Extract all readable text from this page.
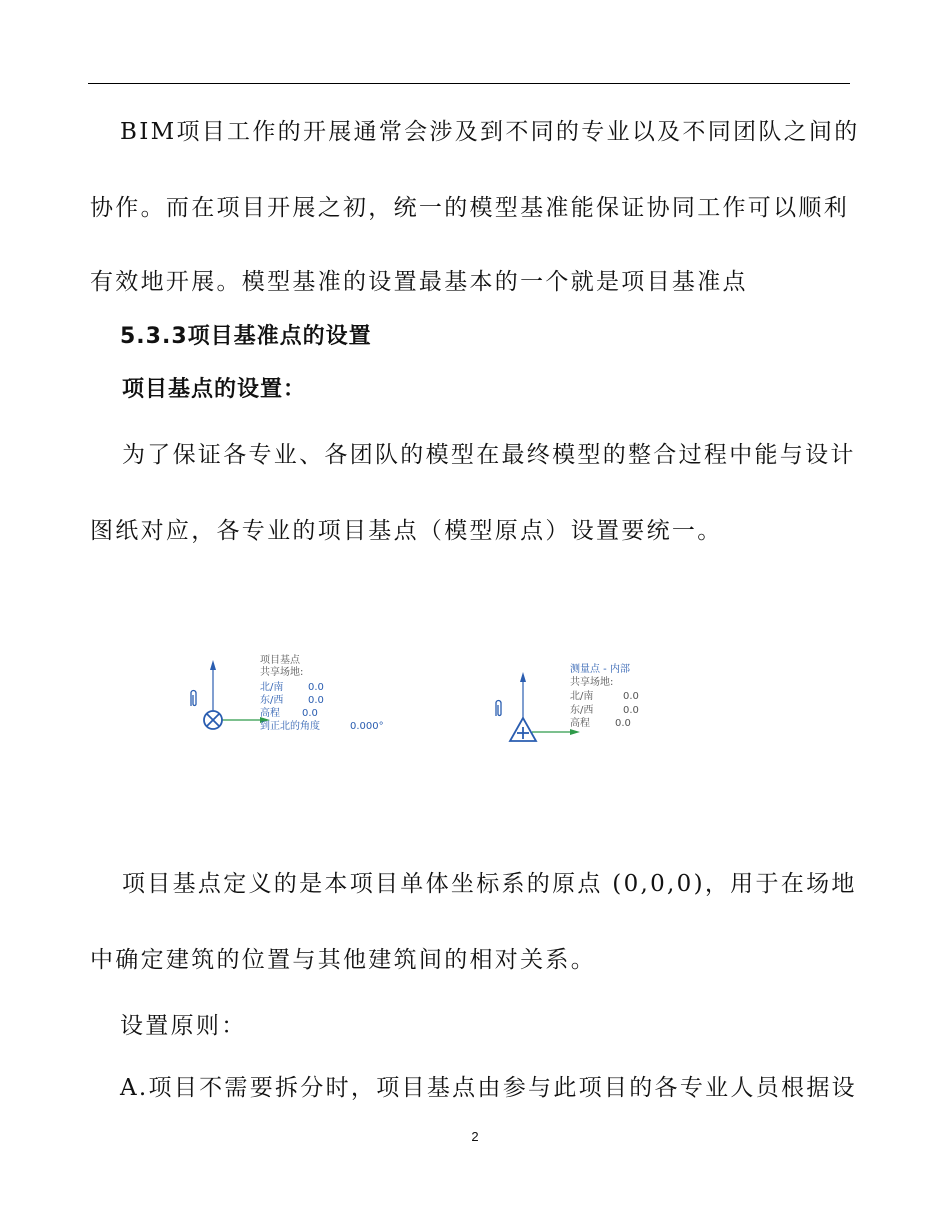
BIM项目工作的开展通常会涉及到不同的专业以及不同团队之间的
协作。而在项目开展之初，统一的模型基准能保证协同工作可以顺利
有效地开展。模型基准的设置最基本的一个就是项目基准点
5.3.3项目基准点的设置
项目基点的设置：
为了保证各专业、各团队的模型在最终模型的整合过程中能与设计
图纸对应，各专业的项目基点（模型原点）设置要统一。
项目基点
共享场地:
北/南 0.0
东/西 0.0
高程 0.0
到正北的角度	0.000°
测量点 - 内部
共享场地:
北/南	0.0
东/西	0.0
高程	0.0
项目基点定义的是本项目单体坐标系的原点 (0,0,0)，用于在场地
中确定建筑的位置与其他建筑间的相对关系。
设置原则：
A.项目不需要拆分时，项目基点由参与此项目的各专业人员根据设
2
